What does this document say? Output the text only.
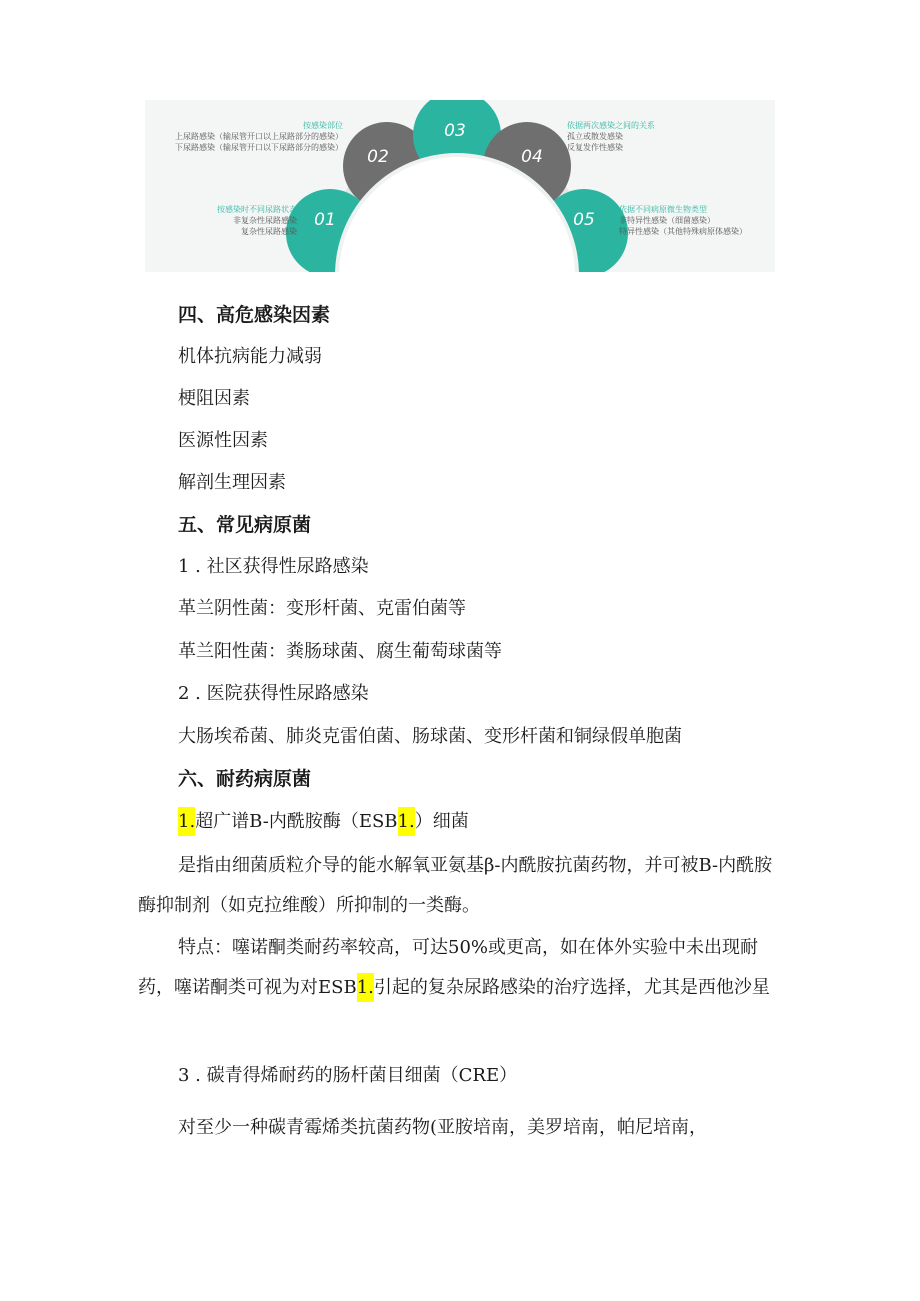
01
02
03
04
05
按感染部位
上尿路感染（输尿管开口以上尿路部分的感染）
下尿路感染（输尿管开口以下尿路部分的感染）
按感染时不同尿路状态
非复杂性尿路感染
复杂性尿路感染
依据两次感染之间的关系
孤立或散发感染
反复发作性感染
依据不同病原微生物类型
非特异性感染（细菌感染）
特异性感染（其他特殊病原体感染）
四、高危感染因素
机体抗病能力减弱
梗阻因素
医源性因素
解剖生理因素
五、常见病原菌
1 . 社区获得性尿路感染
革兰阴性菌：变形杆菌、克雷伯菌等
革兰阳性菌：粪肠球菌、腐生葡萄球菌等
2 . 医院获得性尿路感染
大肠埃希菌、肺炎克雷伯菌、肠球菌、变形杆菌和铜绿假单胞菌
六、耐药病原菌
1.超广谱B-内酰胺酶（ESB1.）细菌
是指由细菌质粒介导的能水解氧亚氨基β-内酰胺抗菌药物，并可被B-内酰胺酶抑制剂（如克拉维酸）所抑制的一类酶。
特点：噻诺酮类耐药率较高，可达50%或更高，如在体外实验中未出现耐药，噻诺酮类可视为对ESB1.引起的复杂尿路感染的治疗选择，尤其是西他沙星
3 . 碳青得烯耐药的肠杆菌目细菌（CRE）
对至少一种碳青霉烯类抗菌药物(亚胺培南，美罗培南，帕尼培南，
